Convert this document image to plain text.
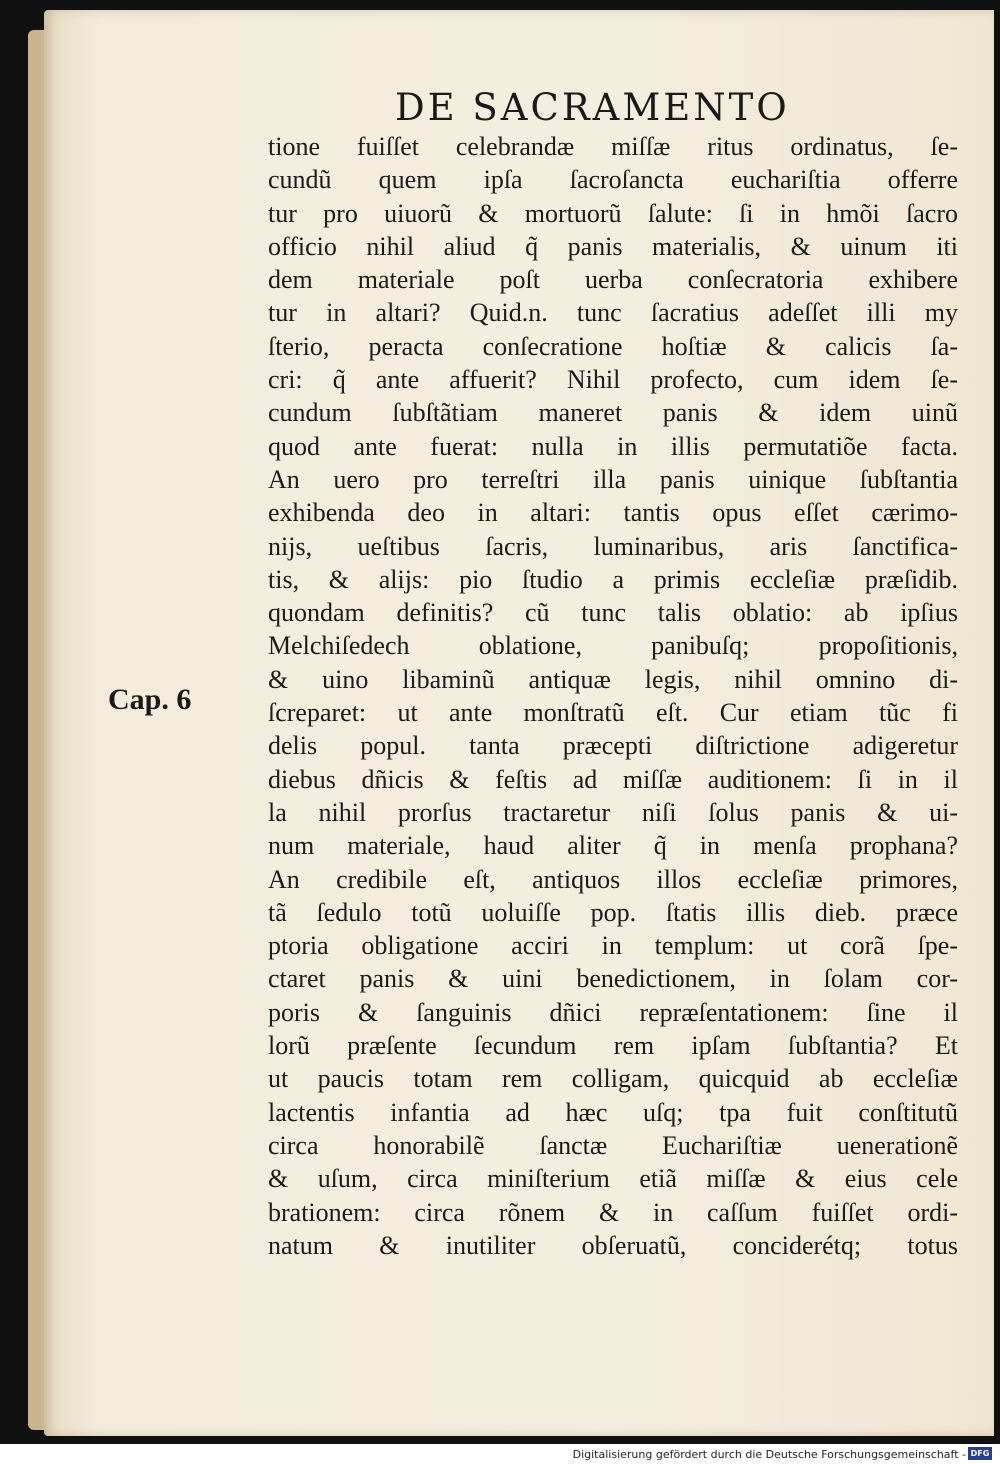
DE SACRAMENTO
Cap. 6
tione fuiſſet celebrandæ miſſæ ritus ordinatus, ſe-
cundũ quem ipſa ſacroſancta euchariſtia offerre
tur pro uiuorũ & mortuorũ ſalute: ſi in hmõi ſacro
officio nihil aliud q̃ panis materialis, & uinum iti
dem materiale poſt uerba conſecratoria exhibere
tur in altari? Quid.n. tunc ſacratius adeſſet illi my
ſterio, peracta conſecratione hoſtiæ & calicis ſa-
cri: q̃ ante affuerit? Nihil profecto, cum idem ſe-
cundum ſubſtãtiam maneret panis & idem uinũ
quod ante fuerat: nulla in illis permutatiõe facta.
An uero pro terreſtri illa panis uinique ſubſtantia
exhibenda deo in altari: tantis opus eſſet cærimo-
nijs, ueſtibus ſacris, luminaribus, aris ſanctifica-
tis, & alijs: pio ſtudio a primis eccleſiæ præſidib.
quondam definitis? cũ tunc talis oblatio: ab ipſius
Melchiſedech oblatione, panibuſq; propoſitionis,
& uino libaminũ antiquæ legis, nihil omnino di-
ſcreparet: ut ante monſtratũ eſt. Cur etiam tũc fi
delis popul. tanta præcepti diſtrictione adigeretur
diebus dñicis & feſtis ad miſſæ auditionem: ſi in il
la nihil prorſus tractaretur niſi ſolus panis & ui-
num materiale, haud aliter q̃ in menſa prophana?
An credibile eſt, antiquos illos eccleſiæ primores,
tã ſedulo totũ uoluiſſe pop. ſtatis illis dieb. præce
ptoria obligatione acciri in templum: ut corã ſpe-
ctaret panis & uini benedictionem, in ſolam cor-
poris & ſanguinis dñici repræſentationem: ſine il
lorũ præſente ſecundum rem ipſam ſubſtantia? Et
ut paucis totam rem colligam, quicquid ab eccleſiæ
lactentis infantia ad hæc uſq; tpa fuit conſtitutũ
circa honorabilẽ ſanctæ Euchariſtiæ uenerationẽ
& uſum, circa miniſterium etiã miſſæ & eius cele
brationem: circa rõnem & in caſſum fuiſſet ordi-
natum & inutiliter obſeruatũ, conciderétq; totus
Digitalisierung gefördert durch die Deutsche Forschungsgemeinschaft - DFG
